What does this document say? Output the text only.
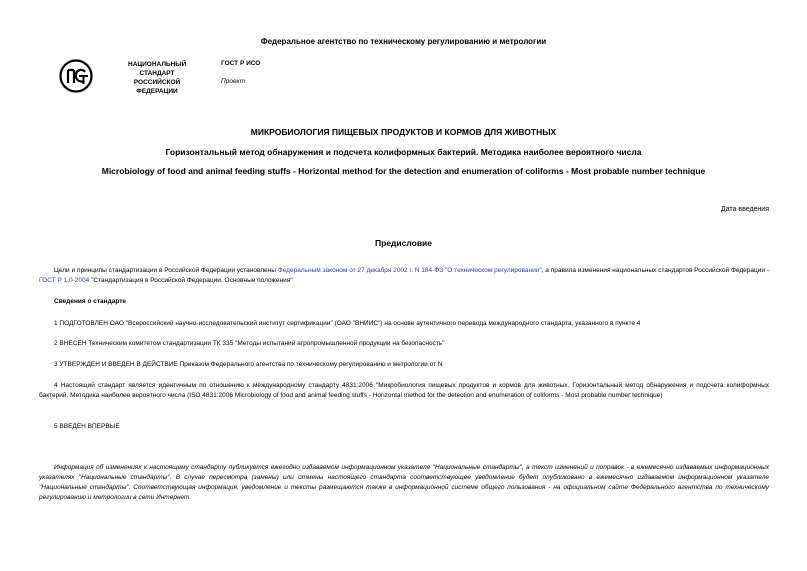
Федеральное агентство по техническому регулированию и метрологии
НАЦИОНАЛЬНЫЙ СТАНДАРТ РОССИЙСКОЙ ФЕДЕРАЦИИ
ГОСТ Р ИСО
Проект
МИКРОБИОЛОГИЯ ПИЩЕВЫХ ПРОДУКТОВ И КОРМОВ ДЛЯ ЖИВОТНЫХ
Горизонтальный метод обнаружения и подсчета колиформных бактерий. Методика наиболее вероятного числа
Microbiology of food and animal feeding stuffs - Horizontal method for the detection and enumeration of coliforms - Most probable number technique
Дата введения
Предисловие
Цели и принципы стандартизации в Российской Федерации установлены Федеральным законом от 27 декабря 2002 г. N 184-ФЗ "О техническом регулировании", а правила изменения национальных стандартов Российской Федерации - ГОСТ Р 1.0-2004 "Стандартизация в Российской Федерации. Основные положения"
Сведения о стандарте
1 ПОДГОТОВЛЕН ОАО "Всероссийский научно-исследовательский институт сертификации" (ОАО "ВНИИС") на основе аутентичного перевода международного стандарта, указанного в пункте 4
2 ВНЕСЕН Техническим комитетом стандартизации ТК 335 "Методы испытаний агропромышленной продукции на безопасность"
3 УТВЕРЖДЕН И ВВЕДЕН В ДЕЙСТВИЕ Приказом Федерального агентства по техническому регулированию и метрологии от N
4 Настоящий стандарт является идентичным по отношению к международному стандарту 4831:2006 "Микробиология пищевых продуктов и кормов для животных. Горизонтальный метод обнаружения и подсчета колиформных бактерий. Методика наиболее вероятного числа (ISO 4831:2006 Microbiology of food and animal feeding stuffs - Horizontal method for the detection and enumeration of coliforms - Most probable number technique)
5 ВВЕДЕН ВПЕРВЫЕ
Информация об изменениях к настоящему стандарту публикуется ежегодно издаваемом информационном указателе "Национальные стандарты", а текст изменений и поправок - в ежемесячно издаваемых информационных указателях "Национальные стандарты". В случае пересмотра (замены) или отмены настоящего стандарта соответствующее уведомление будет опубликовано в ежемесячно издаваемом информационном указателе "Национальные стандарты". Соответствующая информация, уведомление и тексты размещаются также в информационной системе общего пользования - на официальном сайте Федерального агентства по техническому регулированию и метрологии в сети Интернет.
